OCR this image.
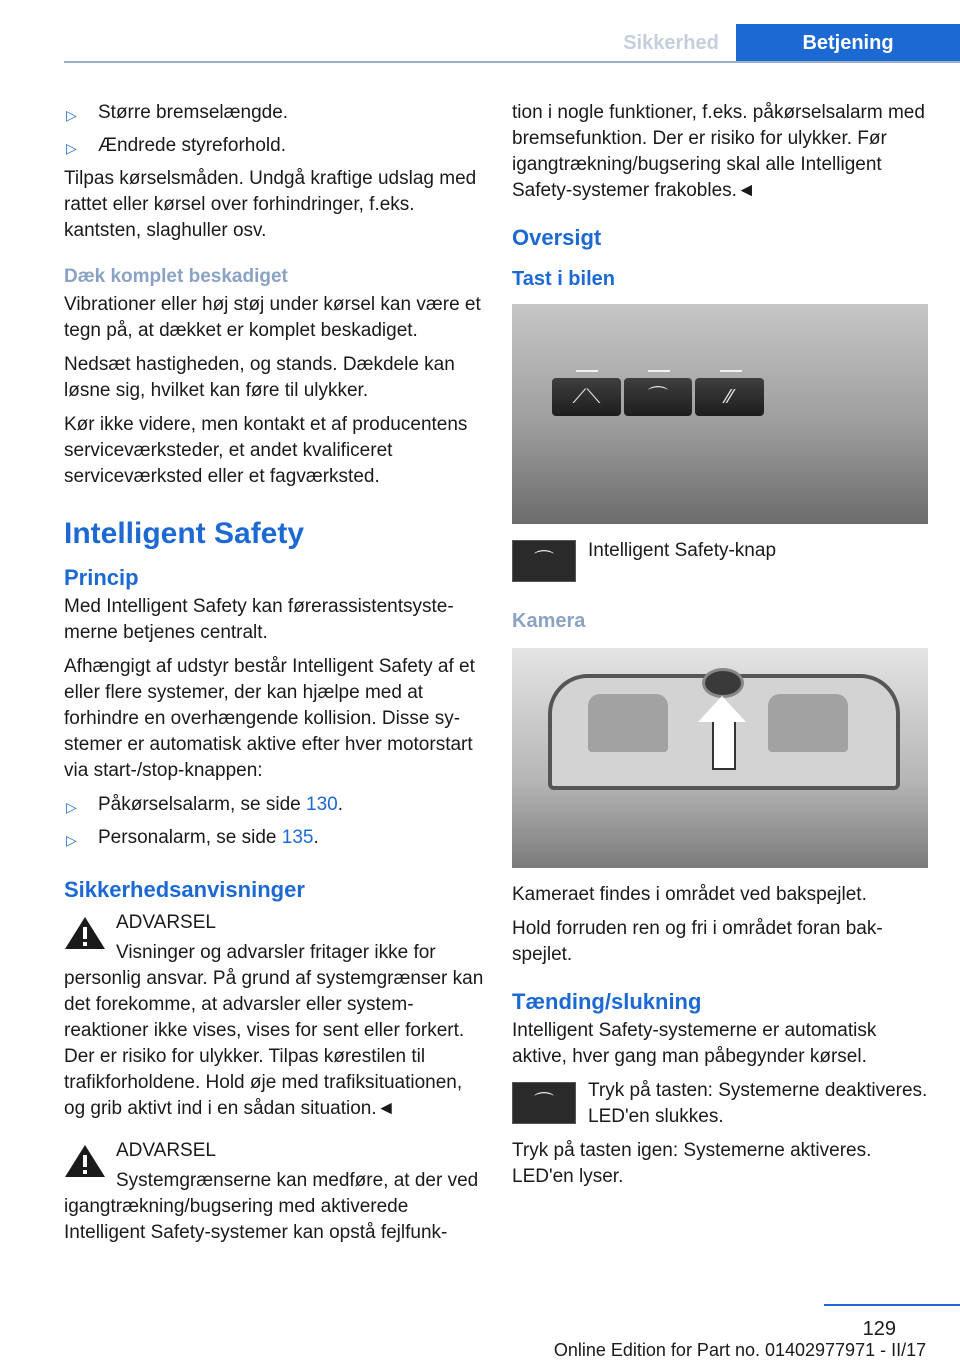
Sikkerhed	Betjening
▷ Større bremselængde.
▷ Ændrede styreforhold.

Tilpas kørselsmåden. Undgå kraftige udslag med rattet eller kørsel over forhindringer, f.eks. kantsten, slaghuller osv.

Dæk komplet beskadiget

Vibrationer eller høj støj under kørsel kan være et tegn på, at dækket er komplet beskadiget.

Nedsæt hastigheden, og stands. Dækdele kan løsne sig, hvilket kan føre til ulykker.

Kør ikke videre, men kontakt et af producentens serviceværksteder, et andet kvalificeret serviceværksted eller et fagværksted.

Intelligent Safety
Princip

Med Intelligent Safety kan førerassistentsystemerne betjenes centralt.

Afhængigt af udstyr består Intelligent Safety af et eller flere systemer, der kan hjælpe med at forhindre en overhængende kollision. Disse systemer er automatisk aktive efter hver motorstart via start-/stop-knappen:

▷ Påkørselsalarm, se side 130.
▷ Personalarm, se side 135.
Sikkerhedsanvisninger

ADVARSEL

Visninger og advarsler fritager ikke for personlig ansvar. På grund af systemgrænser kan det forekomme, at advarsler eller systemreaktioner ikke vises, vises for sent eller forkert. Der er risiko for ulykker. Tilpas kørestilen til trafikforholdene. Hold øje med trafiksituationen, og grib aktivt ind i en sådan situation.◄

ADVARSEL

Systemgrænserne kan medføre, at der ved igangtrækning/bugsering med aktiverede Intelligent Safety-systemer kan opstå fejlfunk-

tion i nogle funktioner, f.eks. påkørselsalarm med bremsefunktion. Der er risiko for ulykker. Før igangtrækning/bugsering skal alle Intelligent Safety-systemer frakobles.◄

Oversigt
Tast i bilen
⟋⟍	⌒	⁄⁄
⌒	Intelligent Safety-knap
Kamera

Kameraet findes i området ved bakspejlet.

Hold forruden ren og fri i området foran bakspejlet.

Tænding/slukning

Intelligent Safety-systemerne er automatisk aktive, hver gang man påbegynder kørsel.

⌒

Tryk på tasten: Systemerne deaktiveres. LED'en slukkes.

Tryk på tasten igen: Systemerne aktiveres. LED'en lyser.

129
Online Edition for Part no. 01402977971 - II/17
